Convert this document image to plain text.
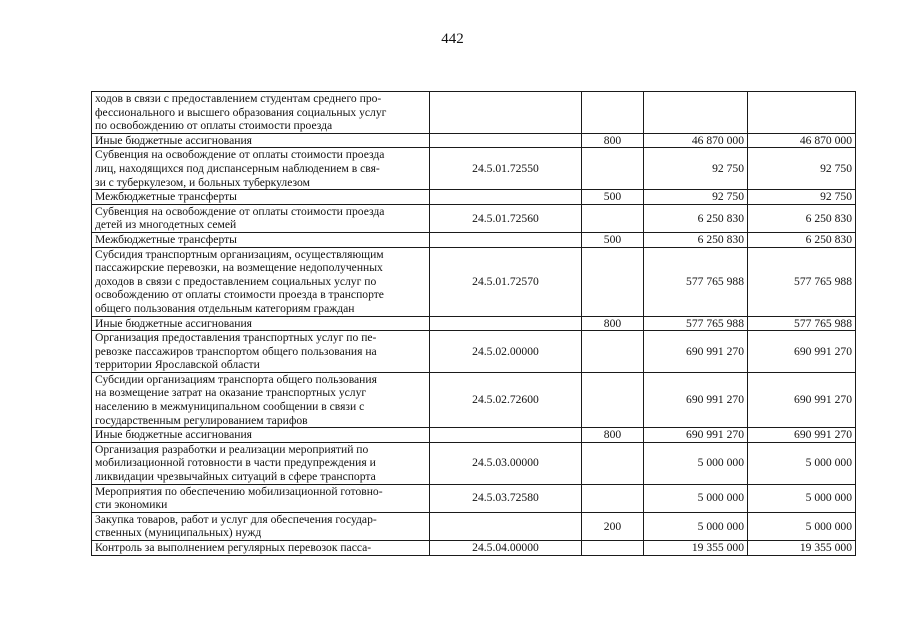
442
ходов в связи с предоставлением студентам среднего про-
фессионального и высшего образования социальных услуг
по освобождению от оплаты стоимости проезда				
Иные бюджетные ассигнования		800	46 870 000	46 870 000
Субвенция на освобождение от оплаты стоимости проезда
лиц, находящихся под диспансерным наблюдением в свя-
зи с туберкулезом, и больных туберкулезом	24.5.01.72550		92 750	92 750
Межбюджетные трансферты		500	92 750	92 750
Субвенция на освобождение от оплаты стоимости проезда
детей из многодетных семей	24.5.01.72560		6 250 830	6 250 830
Межбюджетные трансферты		500	6 250 830	6 250 830
Субсидия транспортным организациям, осуществляющим
пассажирские перевозки, на возмещение недополученных
доходов в связи с предоставлением социальных услуг по
освобождению от оплаты стоимости проезда в транспорте
общего пользования отдельным категориям граждан	24.5.01.72570		577 765 988	577 765 988
Иные бюджетные ассигнования		800	577 765 988	577 765 988
Организация предоставления транспортных услуг по пе-
ревозке пассажиров транспортом общего пользования на
территории Ярославской области	24.5.02.00000		690 991 270	690 991 270
Субсидии организациям транспорта общего пользования
на возмещение затрат на оказание транспортных услуг
населению в межмуниципальном сообщении в связи с
государственным регулированием тарифов	24.5.02.72600		690 991 270	690 991 270
Иные бюджетные ассигнования		800	690 991 270	690 991 270
Организация разработки и реализации мероприятий по
мобилизационной готовности в части предупреждения и
ликвидации чрезвычайных ситуаций в сфере транспорта	24.5.03.00000		5 000 000	5 000 000
Мероприятия по обеспечению мобилизационной готовно-
сти экономики	24.5.03.72580		5 000 000	5 000 000
Закупка товаров, работ и услуг для обеспечения государ-
ственных (муниципальных) нужд		200	5 000 000	5 000 000
Контроль за выполнением регулярных перевозок пасса-	24.5.04.00000		19 355 000	19 355 000
